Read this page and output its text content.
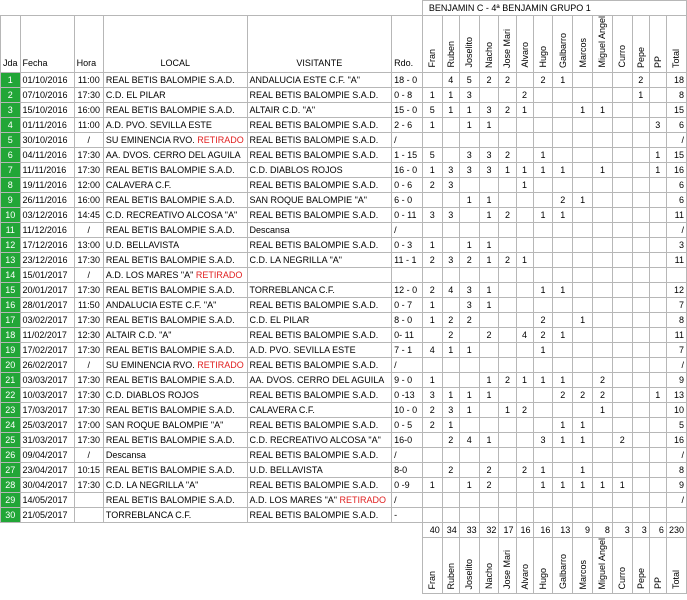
						BENJAMIN C - 4ª BENJAMIN GRUPO 1													
Jda	Fecha	Hora	LOCAL	VISITANTE	Rdo.	Fran	Ruben	Joselito	Nacho	Jose Mari	Alvaro	Hugo	Galbarro	Marcos	Miguel Angel	Curro	Pepe	PP	Total
1	01/10/2016	11:00	REAL BETIS BALOMPIE S.A.D.	ANDALUCIA ESTE C.F. "A"	18 - 0		4	5	2	2		2	1				2		18
2	07/10/2016	17:30	C.D. EL PILAR	REAL BETIS BALOMPIE S.A.D.	0 - 8	1	1	3			2						1		8
3	15/10/2016	16:00	REAL BETIS BALOMPIE S.A.D.	ALTAIR C.D. "A"	15 - 0	5	1	1	3	2	1			1	1				15
4	01/11/2016	11:00	A.D. PVO. SEVILLA ESTE	REAL BETIS BALOMPIE S.A.D.	2 - 6	1		1	1									3	6
5	30/10/2016	/	SU EMINENCIA RVO. RETIRADO	REAL BETIS BALOMPIE S.A.D.	/														/
6	04/11/2016	17:30	AA. DVOS. CERRO DEL AGUILA	REAL BETIS BALOMPIE S.A.D.	1 - 15	5		3	3	2		1						1	15
7	11/11/2016	17:30	REAL BETIS BALOMPIE S.A.D.	C.D. DIABLOS ROJOS	16 - 0	1	3	3	3	1	1	1	1		1			1	16
8	19/11/2016	12:00	CALAVERA C.F.	REAL BETIS BALOMPIE S.A.D.	0 - 6	2	3				1								6
9	26/11/2016	16:00	REAL BETIS BALOMPIE S.A.D.	SAN ROQUE BALOMPIE "A"	6 - 0			1	1				2	1					6
10	03/12/2016	14:45	C.D. RECREATIVO ALCOSA "A"	REAL BETIS BALOMPIE S.A.D.	0 - 11	3	3		1	2		1	1						11
11	11/12/2016	/	REAL BETIS BALOMPIE S.A.D.	Descansa	/														/
12	17/12/2016	13:00	U.D. BELLAVISTA	REAL BETIS BALOMPIE S.A.D.	0 - 3	1		1	1										3
13	23/12/2016	17:30	REAL BETIS BALOMPIE S.A.D.	C.D. LA NEGRILLA "A"	11 - 1	2	3	2	1	2	1								11
14	15/01/2017	/	A.D. LOS MARES "A" RETIRADO																
15	20/01/2017	17:30	REAL BETIS BALOMPIE S.A.D.	TORREBLANCA C.F.	12 - 0	2	4	3	1			1	1						12
16	28/01/2017	11:50	ANDALUCIA ESTE C.F. "A"	REAL BETIS BALOMPIE S.A.D.	0 - 7	1		3	1										7
17	03/02/2017	17:30	REAL BETIS BALOMPIE S.A.D.	C.D. EL PILAR	8 - 0	1	2	2				2		1					8
18	11/02/2017	12:30	ALTAIR C.D. "A"	REAL BETIS BALOMPIE S.A.D.	0- 11		2		2		4	2	1						11
19	17/02/2017	17:30	REAL BETIS BALOMPIE S.A.D.	A.D. PVO. SEVILLA ESTE	7 - 1	4	1	1				1							7
20	26/02/2017	/	SU EMINENCIA RVO. RETIRADO	REAL BETIS BALOMPIE S.A.D.	/														/
21	03/03/2017	17:30	REAL BETIS BALOMPIE S.A.D.	AA. DVOS. CERRO DEL AGUILA	9 - 0	1			1	2	1	1	1		2				9
22	10/03/2017	17:30	C.D. DIABLOS ROJOS	REAL BETIS BALOMPIE S.A.D.	0 -13	3	1	1	1				2	2	2			1	13
23	17/03/2017	17:30	REAL BETIS BALOMPIE S.A.D.	CALAVERA C.F.	10 - 0	2	3	1		1	2				1				10
24	25/03/2017	17:00	SAN ROQUE BALOMPIE "A"	REAL BETIS BALOMPIE S.A.D.	0 - 5	2	1						1	1					5
25	31/03/2017	17:30	REAL BETIS BALOMPIE S.A.D.	C.D. RECREATIVO ALCOSA "A"	16-0		2	4	1			3	1	1		2			16
26	09/04/2017	/	Descansa	REAL BETIS BALOMPIE S.A.D.	/														/
27	23/04/2017	10:15	REAL BETIS BALOMPIE S.A.D.	U.D. BELLAVISTA	8-0		2		2		2	1		1					8
28	30/04/2017	17:30	C.D. LA NEGRILLA "A"	REAL BETIS BALOMPIE S.A.D.	0 -9	1		1	2			1	1	1	1	1			9
29	14/05/2017		REAL BETIS BALOMPIE S.A.D.	A.D. LOS MARES "A" RETIRADO	/														/
30	21/05/2017		TORREBLANCA C.F.	REAL BETIS BALOMPIE S.A.D.	-														
						40	34	33	32	17	16	16	13	9	8	3	3	6	230
						Fran	Ruben	Joselito	Nacho	Jose Mari	Alvaro	Hugo	Galbarro	Marcos	Miguel Angel	Curro	Pepe	PP	Total
